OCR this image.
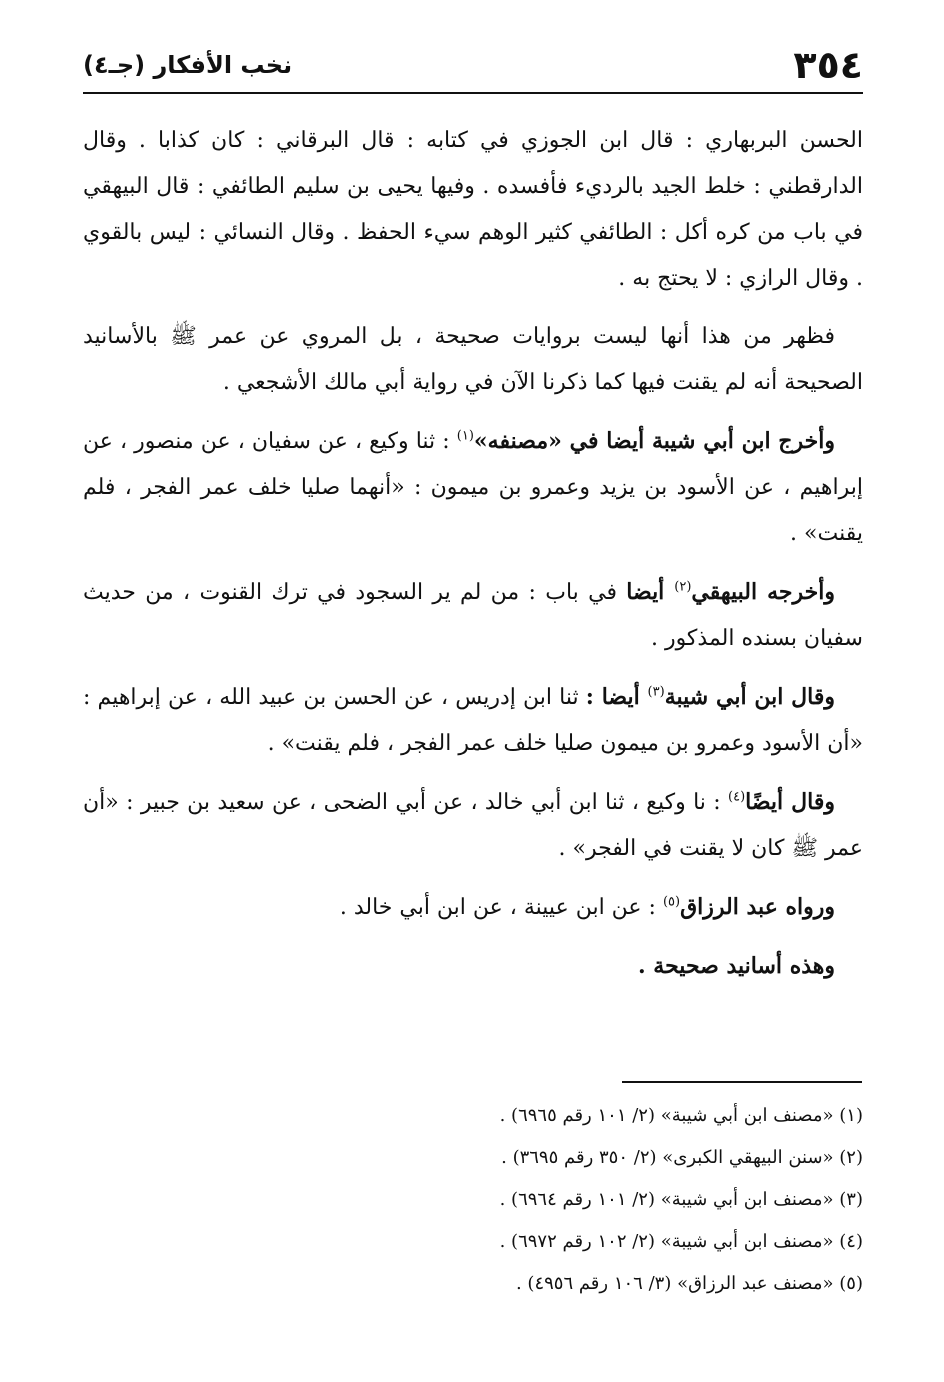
٣٥٤
نخب الأفكار (جـ٤)

الحسن البربهاري : قال ابن الجوزي في كتابه : قال البرقاني : كان كذابا . وقال الدارقطني : خلط الجيد بالرديء فأفسده . وفيها يحيى بن سليم الطائفي : قال البيهقي في باب من كره أكل : الطائفي كثير الوهم سيء الحفظ . وقال النسائي : ليس بالقوي . وقال الرازي : لا يحتج به .

فظهر من هذا أنها ليست بروايات صحيحة ، بل المروي عن عمر ﷺ بالأسانيد الصحيحة أنه لم يقنت فيها كما ذكرنا الآن في رواية أبي مالك الأشجعي .

وأخرج ابن أبي شيبة أيضا في «مصنفه»$^{(١)}$ : ثنا وكيع ، عن سفيان ، عن منصور ، عن إبراهيم ، عن الأسود بن يزيد وعمرو بن ميمون : «أنهما صليا خلف عمر الفجر ، فلم يقنت» .

وأخرجه البيهقي$^{(٢)}$ أيضا في باب : من لم ير السجود في ترك القنوت ، من حديث سفيان بسنده المذكور .

وقال ابن أبي شيبة$^{(٣)}$ أيضا : ثنا ابن إدريس ، عن الحسن بن عبيد الله ، عن إبراهيم : «أن الأسود وعمرو بن ميمون صليا خلف عمر الفجر ، فلم يقنت» .

وقال أيضًا$^{(٤)}$ : نا وكيع ، ثنا ابن أبي خالد ، عن أبي الضحى ، عن سعيد بن جبير : «أن عمر ﷺ كان لا يقنت في الفجر» .

ورواه عبد الرزاق$^{(٥)}$ : عن ابن عيينة ، عن ابن أبي خالد .

وهذه أسانيد صحيحة .

(١) «مصنف ابن أبي شيبة» (٢/ ١٠١ رقم ٦٩٦٥) .

(٢) «سنن البيهقي الكبرى» (٢/ ٣٥٠ رقم ٣٦٩٥) .

(٣) «مصنف ابن أبي شيبة» (٢/ ١٠١ رقم ٦٩٦٤) .

(٤) «مصنف ابن أبي شيبة» (٢/ ١٠٢ رقم ٦٩٧٢) .

(٥) «مصنف عبد الرزاق» (٣/ ١٠٦ رقم ٤٩٥٦) .
